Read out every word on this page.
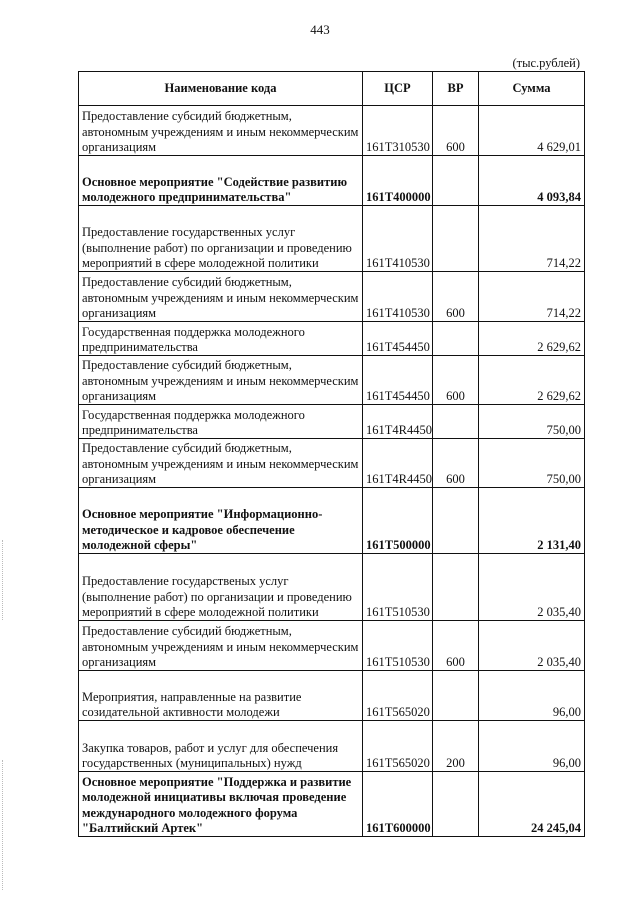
443
(тыс.рублей)
Наименование кода	ЦСР	ВР	Сумма
Предоставление субсидий бюджетным, автономным учреждениям и иным некоммерческим организациям	161Т310530	600	4 629,01
Основное мероприятие "Содействие развитию молодежного предпринимательства"	161Т400000		4 093,84
Предоставление государственных услуг (выполнение работ) по организации и проведению мероприятий в сфере молодежной политики	161Т410530		714,22
Предоставление субсидий бюджетным, автономным учреждениям и иным некоммерческим организациям	161Т410530	600	714,22
Государственная поддержка молодежного предпринимательства	161Т454450		2 629,62
Предоставление субсидий бюджетным, автономным учреждениям и иным некоммерческим организациям	161Т454450	600	2 629,62
Государственная поддержка молодежного предпринимательства	161Т4R4450		750,00
Предоставление субсидий бюджетным, автономным учреждениям и иным некоммерческим организациям	161Т4R4450	600	750,00
Основное мероприятие "Информационно-методическое и кадровое обеспечение молодежной сферы"	161Т500000		2 131,40
Предоставление государственых услуг (выполнение работ) по организации и проведению мероприятий в сфере молодежной политики	161Т510530		2 035,40
Предоставление субсидий бюджетным, автономным учреждениям и иным некоммерческим организациям	161Т510530	600	2 035,40
Мероприятия, направленные на развитие созидательной активности молодежи	161Т565020		96,00
Закупка товаров, работ и услуг для обеспечения государственных (муниципальных) нужд	161Т565020	200	96,00
Основное мероприятие "Поддержка и развитие молодежной инициативы включая проведение международного молодежного форума "Балтийский Артек"	161Т600000		24 245,04
